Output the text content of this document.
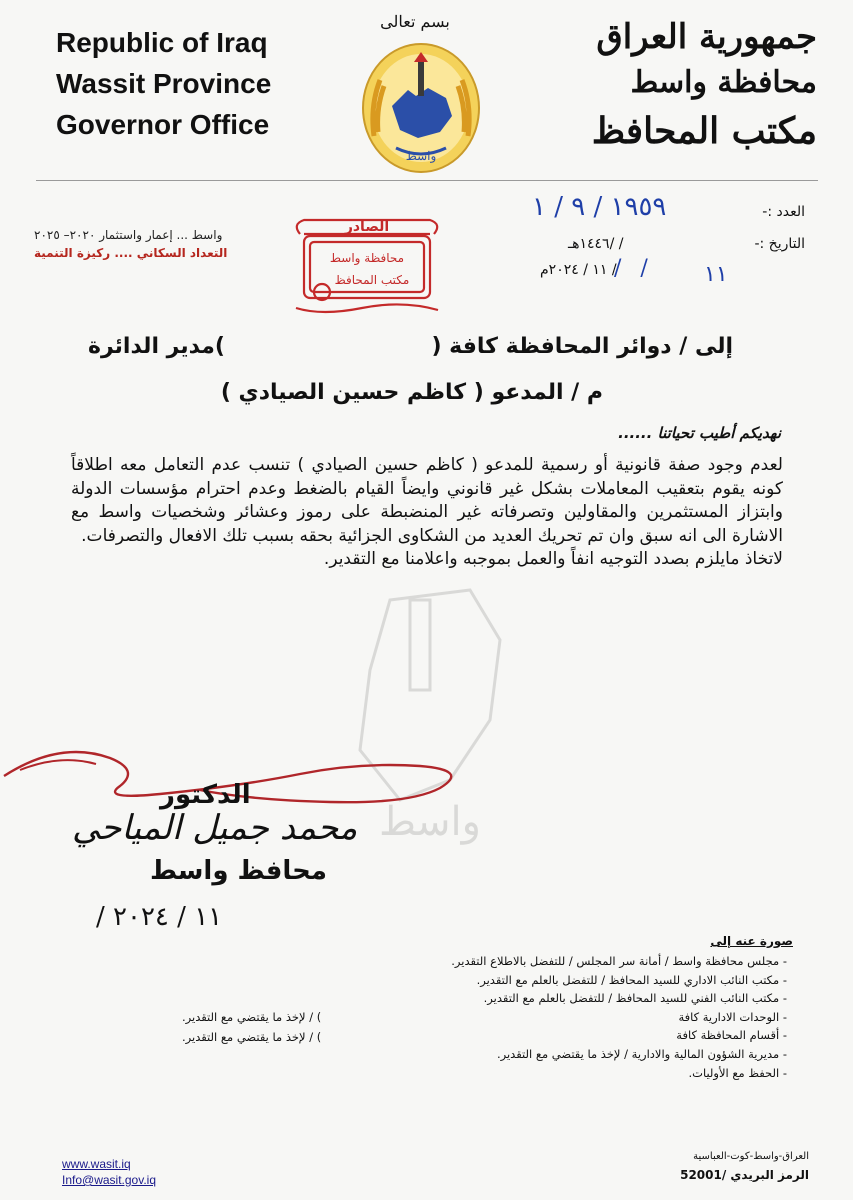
Republic of Iraq
Wassit Province
Governor Office
بسم تعالى
واسط
جمهورية العراق
محافظة واسط
مكتب المحافظ
العدد :-
١٩٥٩ / ٩ / ١
التاريخ :-
/ /١٤٤٦هـ
/ ١١ / ٢٠٢٤م	١١
/ /
واسط ... إعمار واستثمار ٢٠٢٠– ٢٠٢٥
التعداد السكاني .... ركيزة التنمية
الصادر
محافظة واسط
مكتب المحافظ
إلى / دوائر المحافظة كافة (
)مدير الدائرة
م / المدعو ( كاظم حسين الصيادي )
نهديكم أطيب تحياتنا ......
واسط

لعدم وجود صفة قانونية أو رسمية للمدعو ( كاظم حسين الصيادي ) تنسب عدم التعامل معه اطلاقاً كونه يقوم بتعقيب المعاملات بشكل غير قانوني وايضاً القيام بالضغط وعدم احترام مؤسسات الدولة وابتزاز المستثمرين والمقاولين وتصرفاته غير المنضبطة على رموز وعشائر وشخصيات واسط مع الاشارة الى انه سبق وان تم تحريك العديد من الشكاوى الجزائية بحقه بسبب تلك الافعال والتصرفات.

لاتخاذ مايلزم بصدد التوجيه انفاً والعمل بموجبه واعلامنا مع التقدير.

الدكتور
محمد جميل المياحي
محافظ واسط
/ ١١ / ٢٠٢٤
صورة عنه إلى
- مجلس محافظة واسط / أمانة سر المجلس / للتفضل بالاطلاع التقدير.
- مكتب النائب الاداري للسيد المحافظ / للتفضل بالعلم مع التقدير.
- مكتب النائب الفني للسيد المحافظ / للتفضل بالعلم مع التقدير.
- الوحدات الادارية كافة
- أقسام المحافظة كافة
- مديرية الشؤون المالية والادارية / لإخذ ما يقتضي مع التقدير.
- الحفظ مع الأوليات.
) / لإخذ ما يقتضي مع التقدير.
) / لإخذ ما يقتضي مع التقدير.
www.wasit.iq
Info@wasit.gov.iq
العراق-واسط-كوت-العباسية
الرمز البريدي /52001
